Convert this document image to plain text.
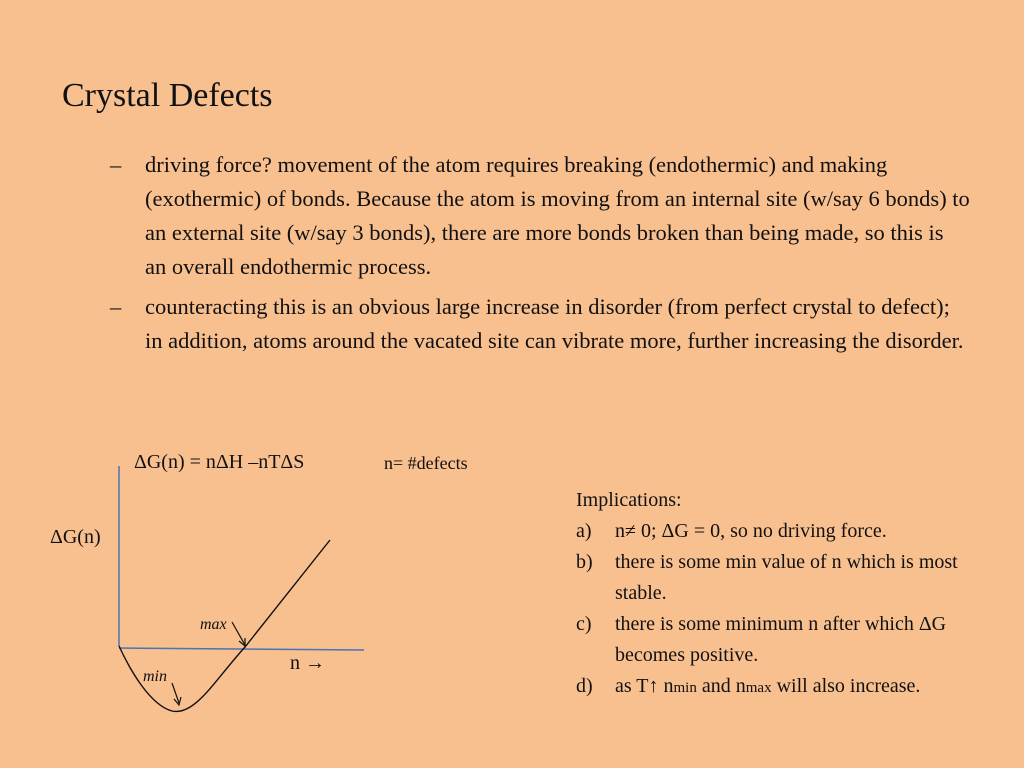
Crystal Defects
– driving force? movement of the atom requires breaking (endothermic) and making (exothermic) of bonds. Because the atom is moving from an internal site (w/say 6 bonds) to an external site (w/say 3 bonds), there are more bonds broken than being made, so this is an overall endothermic process.
– counteracting this is an obvious large increase in disorder (from perfect crystal to defect); in addition, atoms around the vacated site can vibrate more, further increasing the disorder.
ΔG(n) = nΔH –nTΔS	n= #defects
ΔG(n)
n →
max
min
Implications:
a) n≠ 0; ΔG = 0, so no driving force.
b) there is some min value of n which is most stable.
c) there is some minimum n after which ΔG becomes positive.
d) as T↑ nmin and nmax will also increase.
